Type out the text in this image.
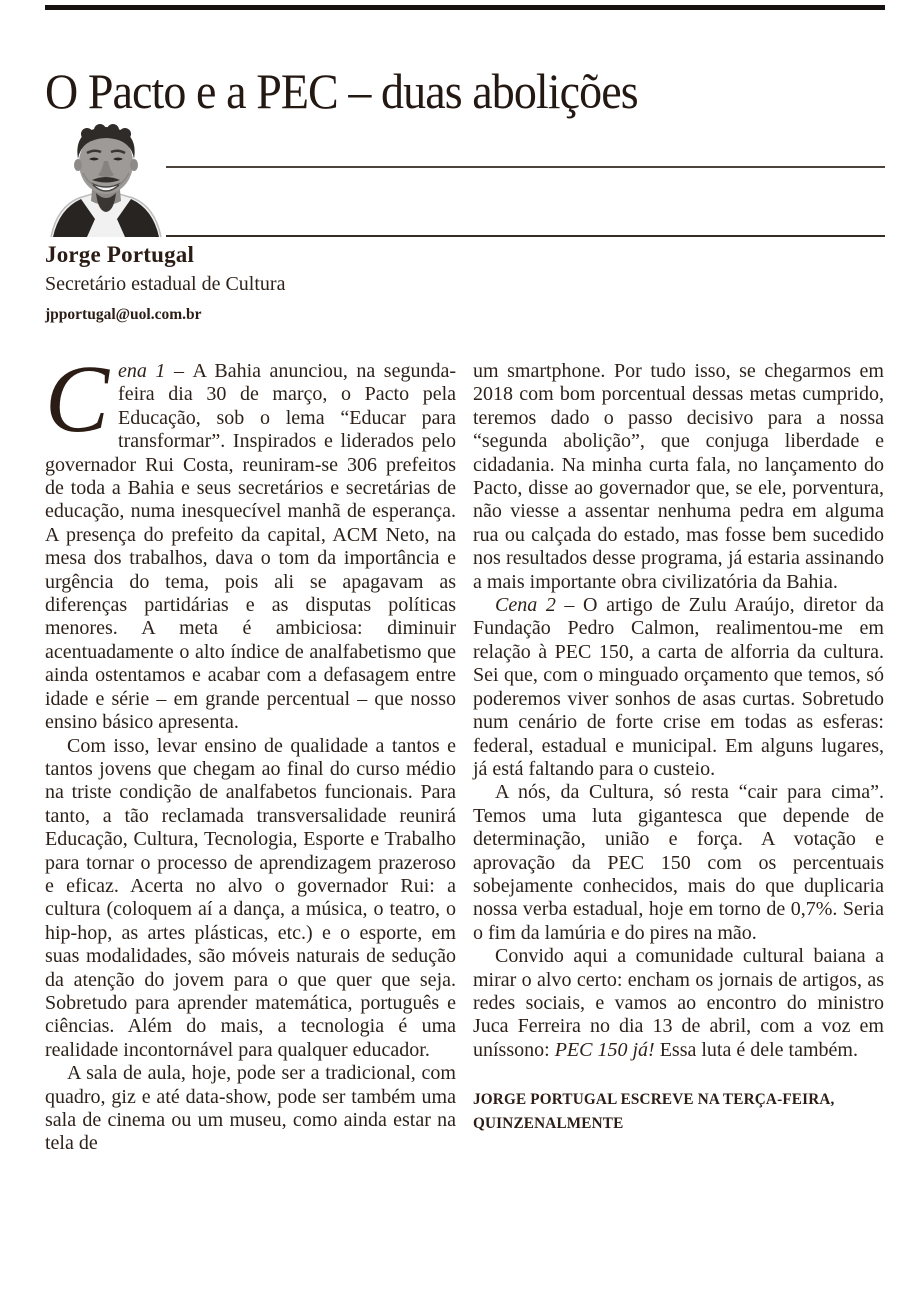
O Pacto e a PEC – duas abolições

Jorge Portugal

Secretário estadual de Cultura

jpportugal@uol.com.br

Cena 1 – A Bahia anunciou, na segunda-feira dia 30 de março, o Pacto pela Educação, sob o lema “Educar para transformar”. Inspirados e liderados pelo governador Rui Costa, reuniram-se 306 prefeitos de toda a Bahia e seus secretários e secretárias de educação, numa inesquecível manhã de esperança. A presença do prefeito da capital, ACM Neto, na mesa dos trabalhos, dava o tom da importância e urgência do tema, pois ali se apagavam as diferenças partidárias e as disputas políticas menores. A meta é ambiciosa: diminuir acentuadamente o alto índice de analfabetismo que ainda ostentamos e acabar com a defasagem entre idade e série – em grande percentual – que nosso ensino básico apresenta.

Com isso, levar ensino de qualidade a tantos e tantos jovens que chegam ao final do curso médio na triste condição de analfabetos funcionais. Para tanto, a tão reclamada transversalidade reunirá Educação, Cultura, Tecnologia, Esporte e Trabalho para tornar o processo de aprendizagem prazeroso e eficaz. Acerta no alvo o governador Rui: a cultura (coloquem aí a dança, a música, o teatro, o hip-hop, as artes plásticas, etc.) e o esporte, em suas modalidades, são móveis naturais de sedução da atenção do jovem para o que quer que seja. Sobretudo para aprender matemática, português e ciências. Além do mais, a tecnologia é uma realidade incontornável para qualquer educador.

A sala de aula, hoje, pode ser a tradicional, com quadro, giz e até data-show, pode ser também uma sala de cinema ou um museu, como ainda estar na tela de

um smartphone. Por tudo isso, se chegarmos em 2018 com bom porcentual dessas metas cumprido, teremos dado o passo decisivo para a nossa “segunda abolição”, que conjuga liberdade e cidadania. Na minha curta fala, no lançamento do Pacto, disse ao governador que, se ele, porventura, não viesse a assentar nenhuma pedra em alguma rua ou calçada do estado, mas fosse bem sucedido nos resultados desse programa, já estaria assinando a mais importante obra civilizatória da Bahia.

Cena 2 – O artigo de Zulu Araújo, diretor da Fundação Pedro Calmon, realimentou-me em relação à PEC 150, a carta de alforria da cultura. Sei que, com o minguado orçamento que temos, só poderemos viver sonhos de asas curtas. Sobretudo num cenário de forte crise em todas as esferas: federal, estadual e municipal. Em alguns lugares, já está faltando para o custeio.

A nós, da Cultura, só resta “cair para cima”. Temos uma luta gigantesca que depende de determinação, união e força. A votação e aprovação da PEC 150 com os percentuais sobejamente conhecidos, mais do que duplicaria nossa verba estadual, hoje em torno de 0,7%. Seria o fim da lamúria e do pires na mão.

Convido aqui a comunidade cultural baiana a mirar o alvo certo: encham os jornais de artigos, as redes sociais, e vamos ao encontro do ministro Juca Ferreira no dia 13 de abril, com a voz em uníssono: PEC 150 já! Essa luta é dele também.

JORGE PORTUGAL ESCREVE NA TERÇA-FEIRA,
QUINZENALMENTE
